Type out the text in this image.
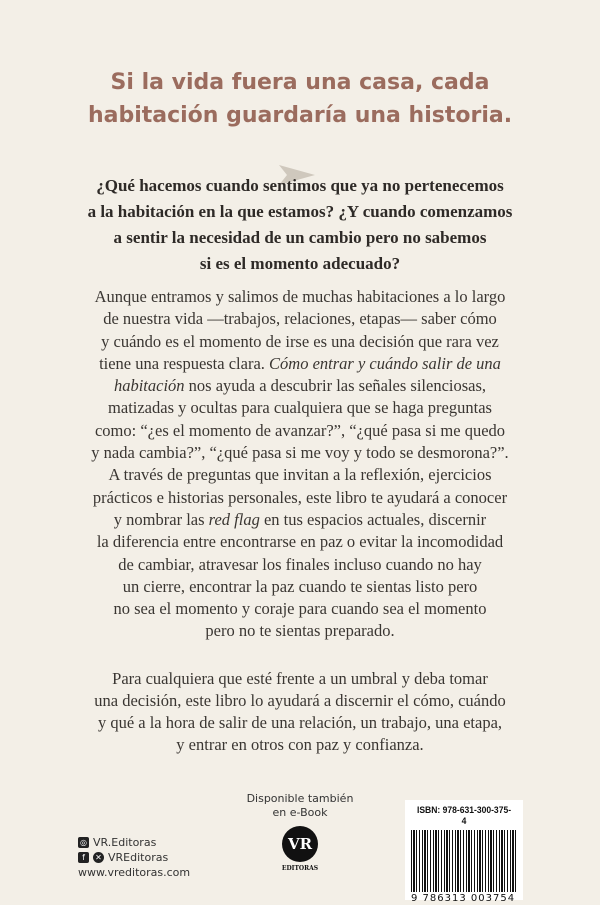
Si la vida fuera una casa, cada
habitación guardaría una historia.
¿Qué hacemos cuando sentimos que ya no pertenecemos
a la habitación en la que estamos? ¿Y cuando comenzamos
a sentir la necesidad de un cambio pero no sabemos
si es el momento adecuado?
Aunque entramos y salimos de muchas habitaciones a lo largo
de nuestra vida —trabajos, relaciones, etapas— saber cómo
y cuándo es el momento de irse es una decisión que rara vez
tiene una respuesta clara. Cómo entrar y cuándo salir de una
habitación nos ayuda a descubrir las señales silenciosas,
matizadas y ocultas para cualquiera que se haga preguntas
como: “¿es el momento de avanzar?”, “¿qué pasa si me quedo
y nada cambia?”, “¿qué pasa si me voy y todo se desmorona?”.
A través de preguntas que invitan a la reflexión, ejercicios
prácticos e historias personales, este libro te ayudará a conocer
y nombrar las red flag en tus espacios actuales, discernir
la diferencia entre encontrarse en paz o evitar la incomodidad
de cambiar, atravesar los finales incluso cuando no hay
un cierre, encontrar la paz cuando te sientas listo pero
no sea el momento y coraje para cuando sea el momento
pero no te sientas preparado.
Para cualquiera que esté frente a un umbral y deba tomar
una decisión, este libro lo ayudará a discernir el cómo, cuándo
y qué a la hora de salir de una relación, un trabajo, una etapa,
y entrar en otros con paz y confianza.
Disponible también
en e-Book
VR
EDITORAS
◎ VR.Editoras
f	✕ VREditoras
www.vreditoras.com
ISBN: 978-631-300-375-4
9 786313 003754
